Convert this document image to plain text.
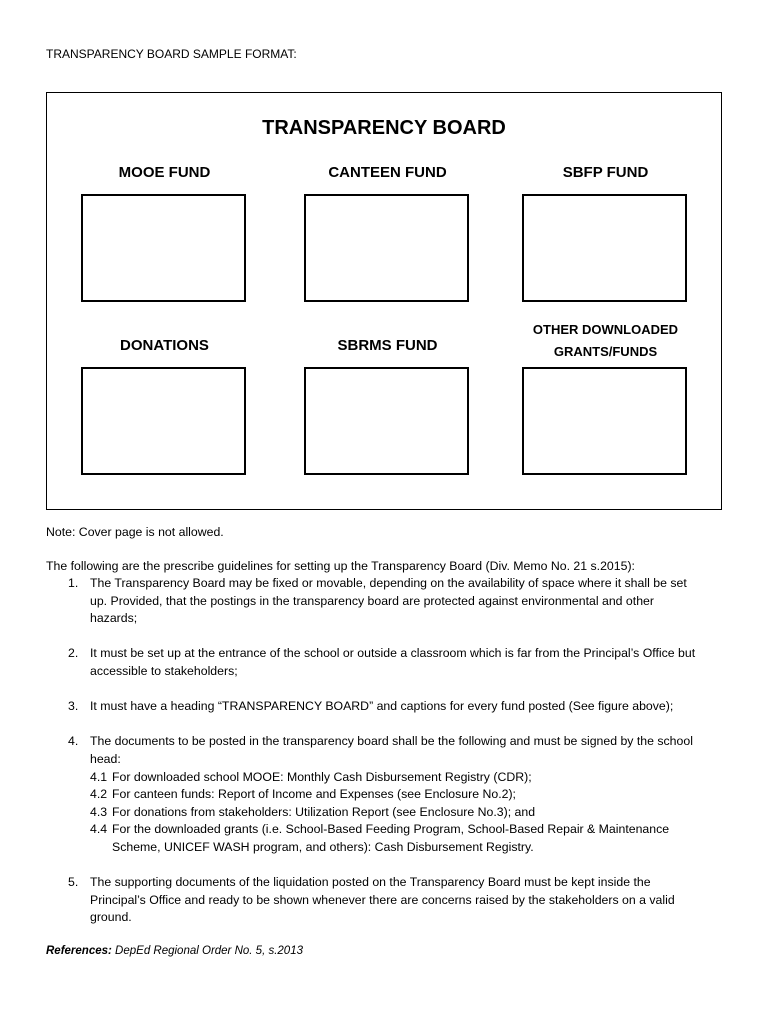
TRANSPARENCY BOARD SAMPLE FORMAT:
TRANSPARENCY BOARD
MOOE FUND	CANTEEN FUND	SBFP FUND
DONATIONS	SBRMS FUND
OTHER DOWNLOADED
GRANTS/FUNDS
Note: Cover page is not allowed.
The following are the prescribe guidelines for setting up the Transparency Board (Div. Memo No. 21 s.2015):
1. The Transparency Board may be fixed or movable, depending on the availability of space where it shall be set
up. Provided, that the postings in the transparency board are protected against environmental and other
hazards;
2. It must be set up at the entrance of the school or outside a classroom which is far from the Principal’s Office but
accessible to stakeholders;
3. It must have a heading “TRANSPARENCY BOARD” and captions for every fund posted (See figure above);
4. The documents to be posted in the transparency board shall be the following and must be signed by the school
head:
4.1 For downloaded school MOOE: Monthly Cash Disbursement Registry (CDR);
4.2 For canteen funds: Report of Income and Expenses (see Enclosure No.2);
4.3 For donations from stakeholders: Utilization Report (see Enclosure No.3); and
4.4 For the downloaded grants (i.e. School-Based Feeding Program, School-Based Repair & Maintenance
Scheme, UNICEF WASH program, and others): Cash Disbursement Registry.
5. The supporting documents of the liquidation posted on the Transparency Board must be kept inside the
Principal’s Office and ready to be shown whenever there are concerns raised by the stakeholders on a valid
ground.
References: DepEd Regional Order No. 5, s.2013
